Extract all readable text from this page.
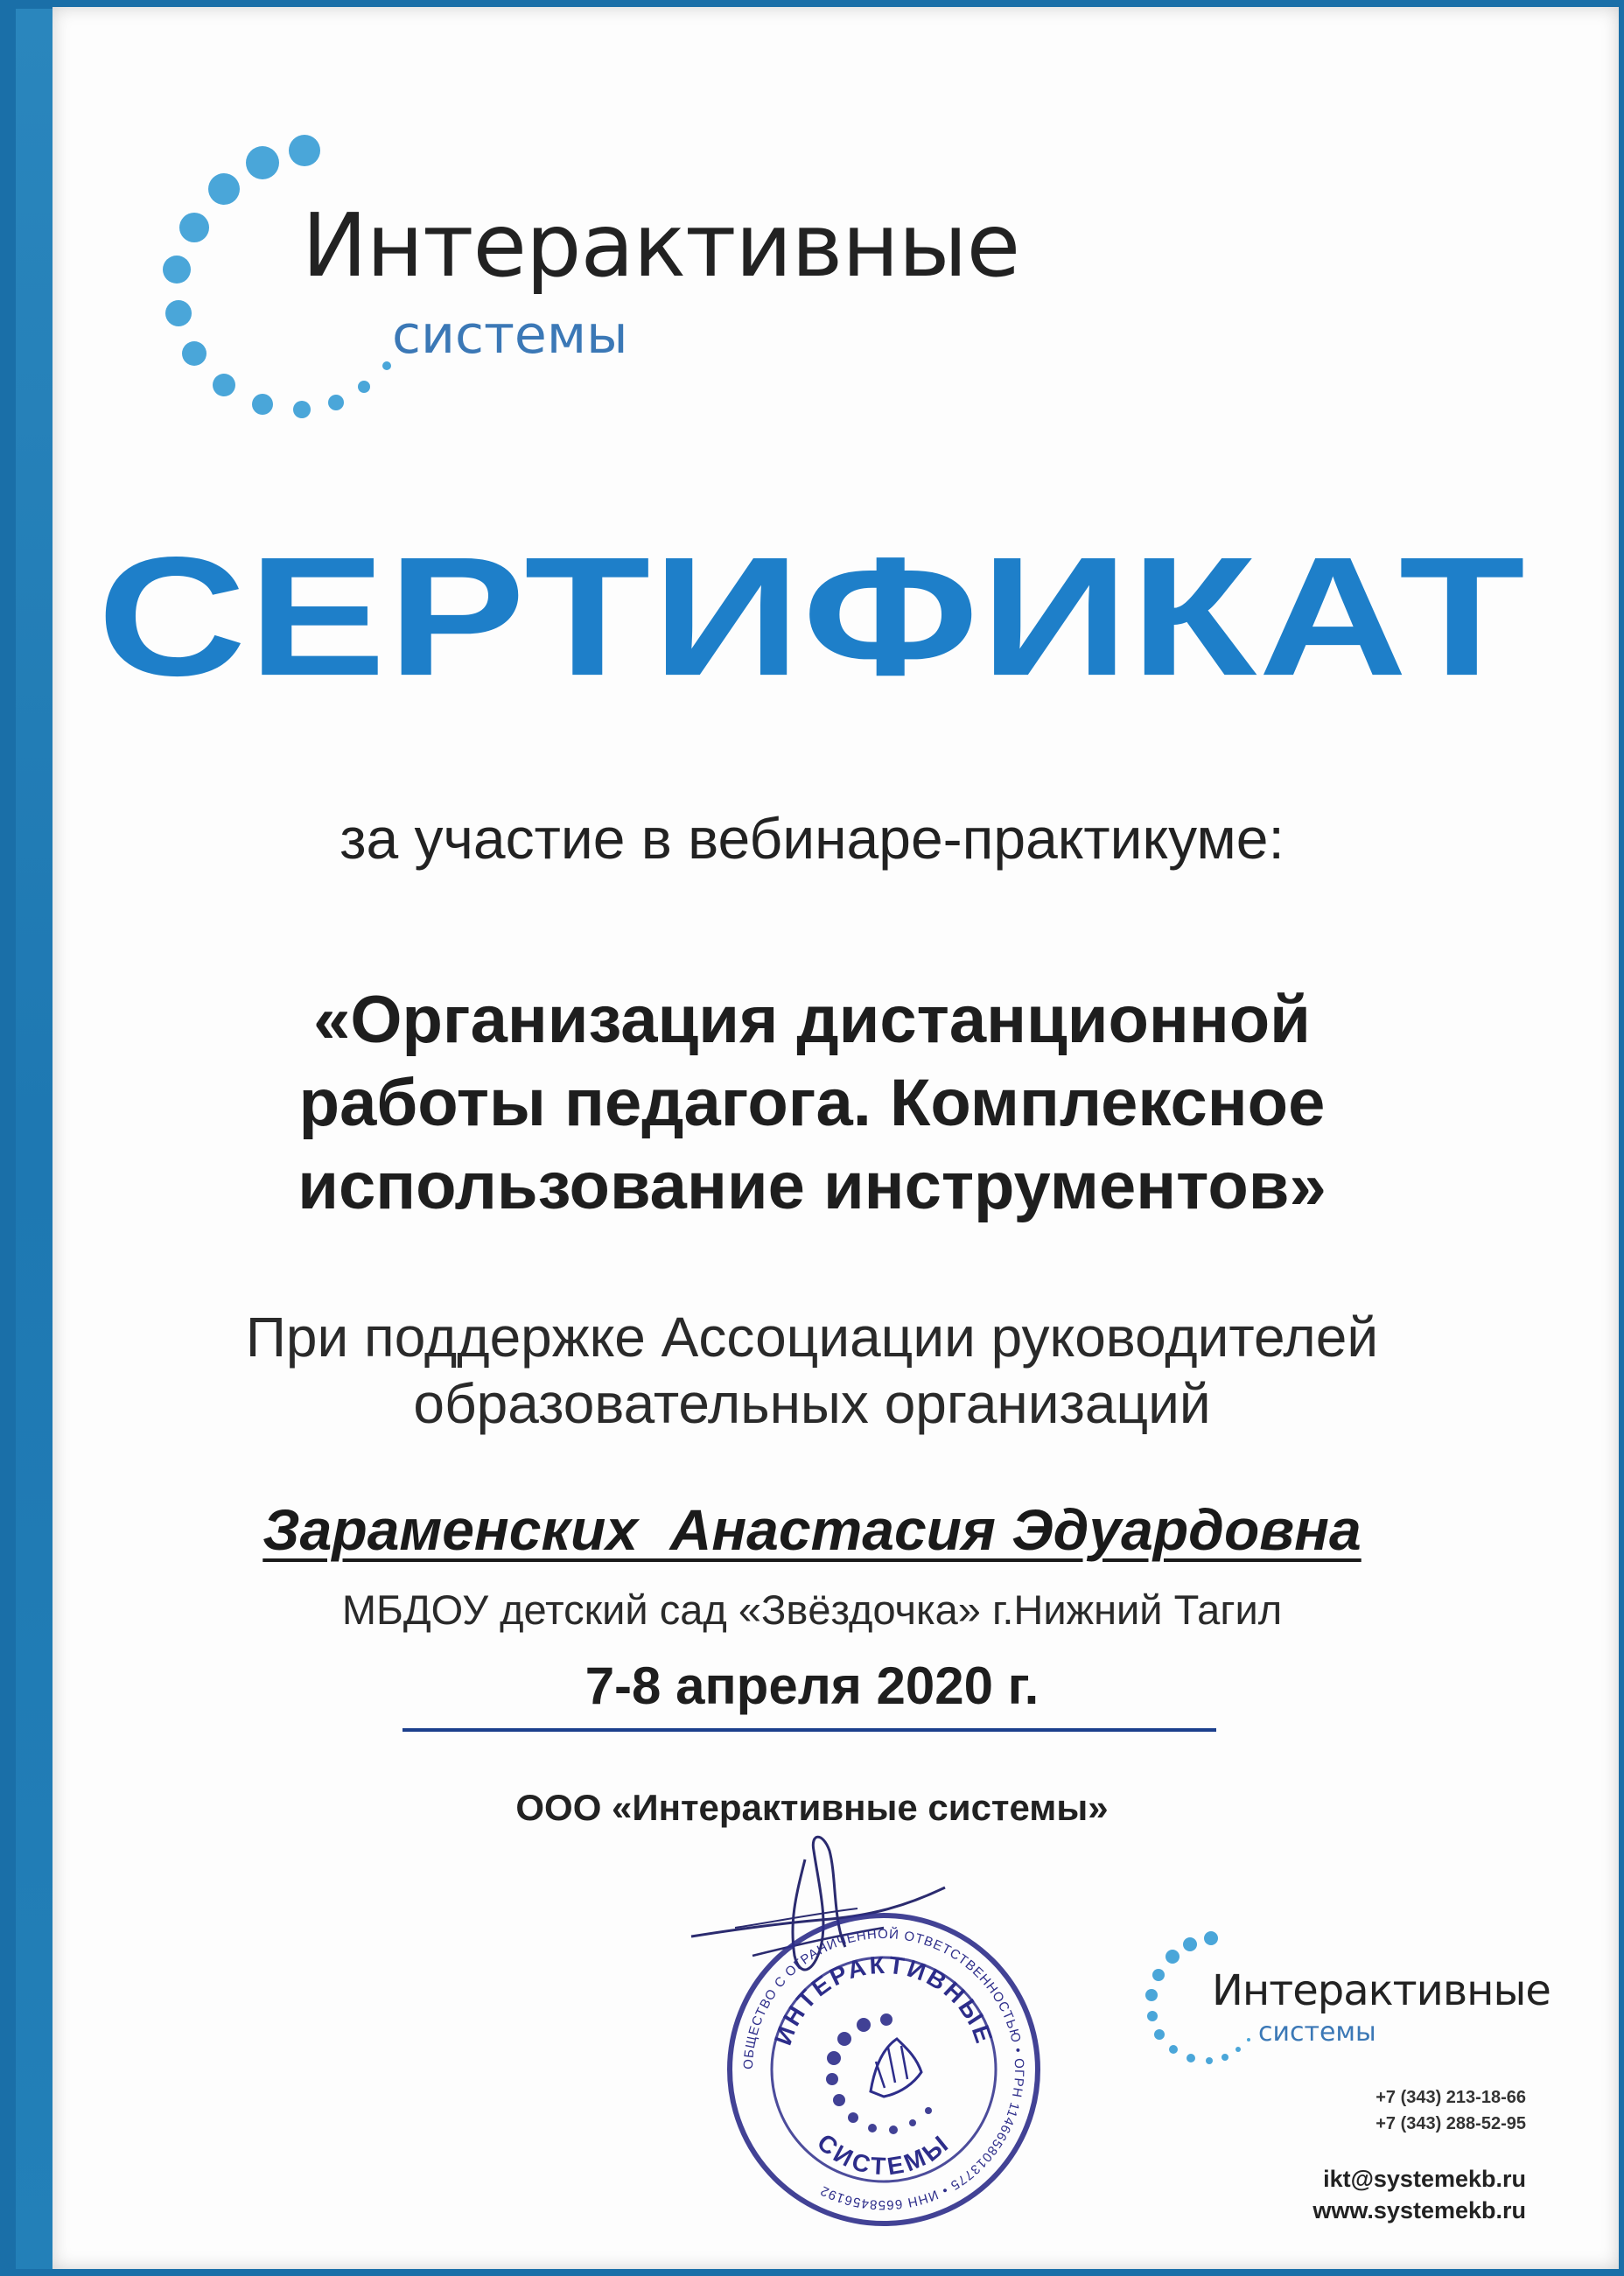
Интерактивные
системы
СЕРТИФИКАТ
за участие в вебинаре-практикуме:
«Организация дистанционной
работы педагога. Комплексное
использование инструментов»
При поддержке Ассоциации руководителей
образовательных организаций
Зараменских  Анастасия Эдуардовна
МБДОУ детский сад «Звёздочка» г.Нижний Тагил
7-8 апреля 2020 г.
ООО «Интерактивные системы»
ОБЩЕСТВО С ОГРАНИЧЕННОЙ ОТВЕТСТВЕННОСТЬЮ • ОГРН 1146658013775 • ИНН 6658456192
ИНТЕРАКТИВНЫЕ
СИСТЕМЫ
Интерактивные
системы
+7 (343) 213-18-66
+7 (343) 288-52-95
ikt@systemekb.ru
www.systemekb.ru
